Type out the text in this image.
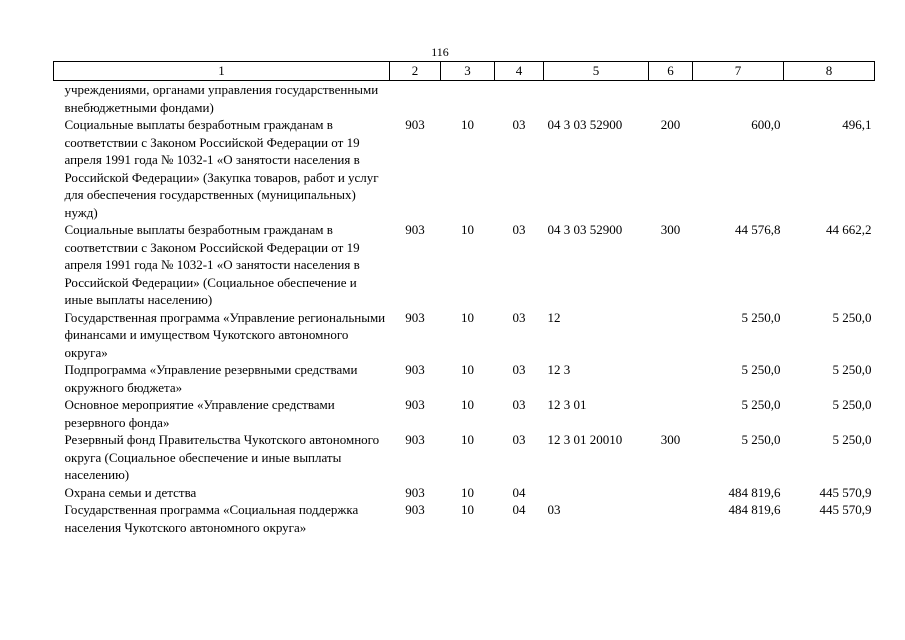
116
1	2	3	4	5	6	7	8
учреждениями, органами управления государственными внебюджетными фондами)							
Социальные выплаты безработным гражданам в соответствии с Законом Российской Федерации от 19 апреля 1991 года № 1032-1 «О занятости населения в Российской Федерации» (Закупка товаров, работ и услуг для обеспечения государственных (муниципальных) нужд)	903	10	03	04 3 03 52900	200	600,0	496,1
Социальные выплаты безработным гражданам в соответствии с Законом Российской Федерации от 19 апреля 1991 года № 1032-1 «О занятости населения в Российской Федерации» (Социальное обеспечение и иные выплаты населению)	903	10	03	04 3 03 52900	300	44 576,8	44 662,2
Государственная программа «Управление региональными финансами и имуществом Чукотского автономного округа»	903	10	03	12		5 250,0	5 250,0
Подпрограмма «Управление резервными средствами окружного бюджета»	903	10	03	12 3		5 250,0	5 250,0
Основное мероприятие «Управление средствами резервного фонда»	903	10	03	12 3 01		5 250,0	5 250,0
Резервный фонд Правительства Чукотского автономного округа (Социальное обеспечение и иные выплаты населению)	903	10	03	12 3 01 20010	300	5 250,0	5 250,0
Охрана семьи и детства	903	10	04			484 819,6	445 570,9
Государственная программа «Социальная поддержка населения Чукотского автономного округа»	903	10	04	03		484 819,6	445 570,9
